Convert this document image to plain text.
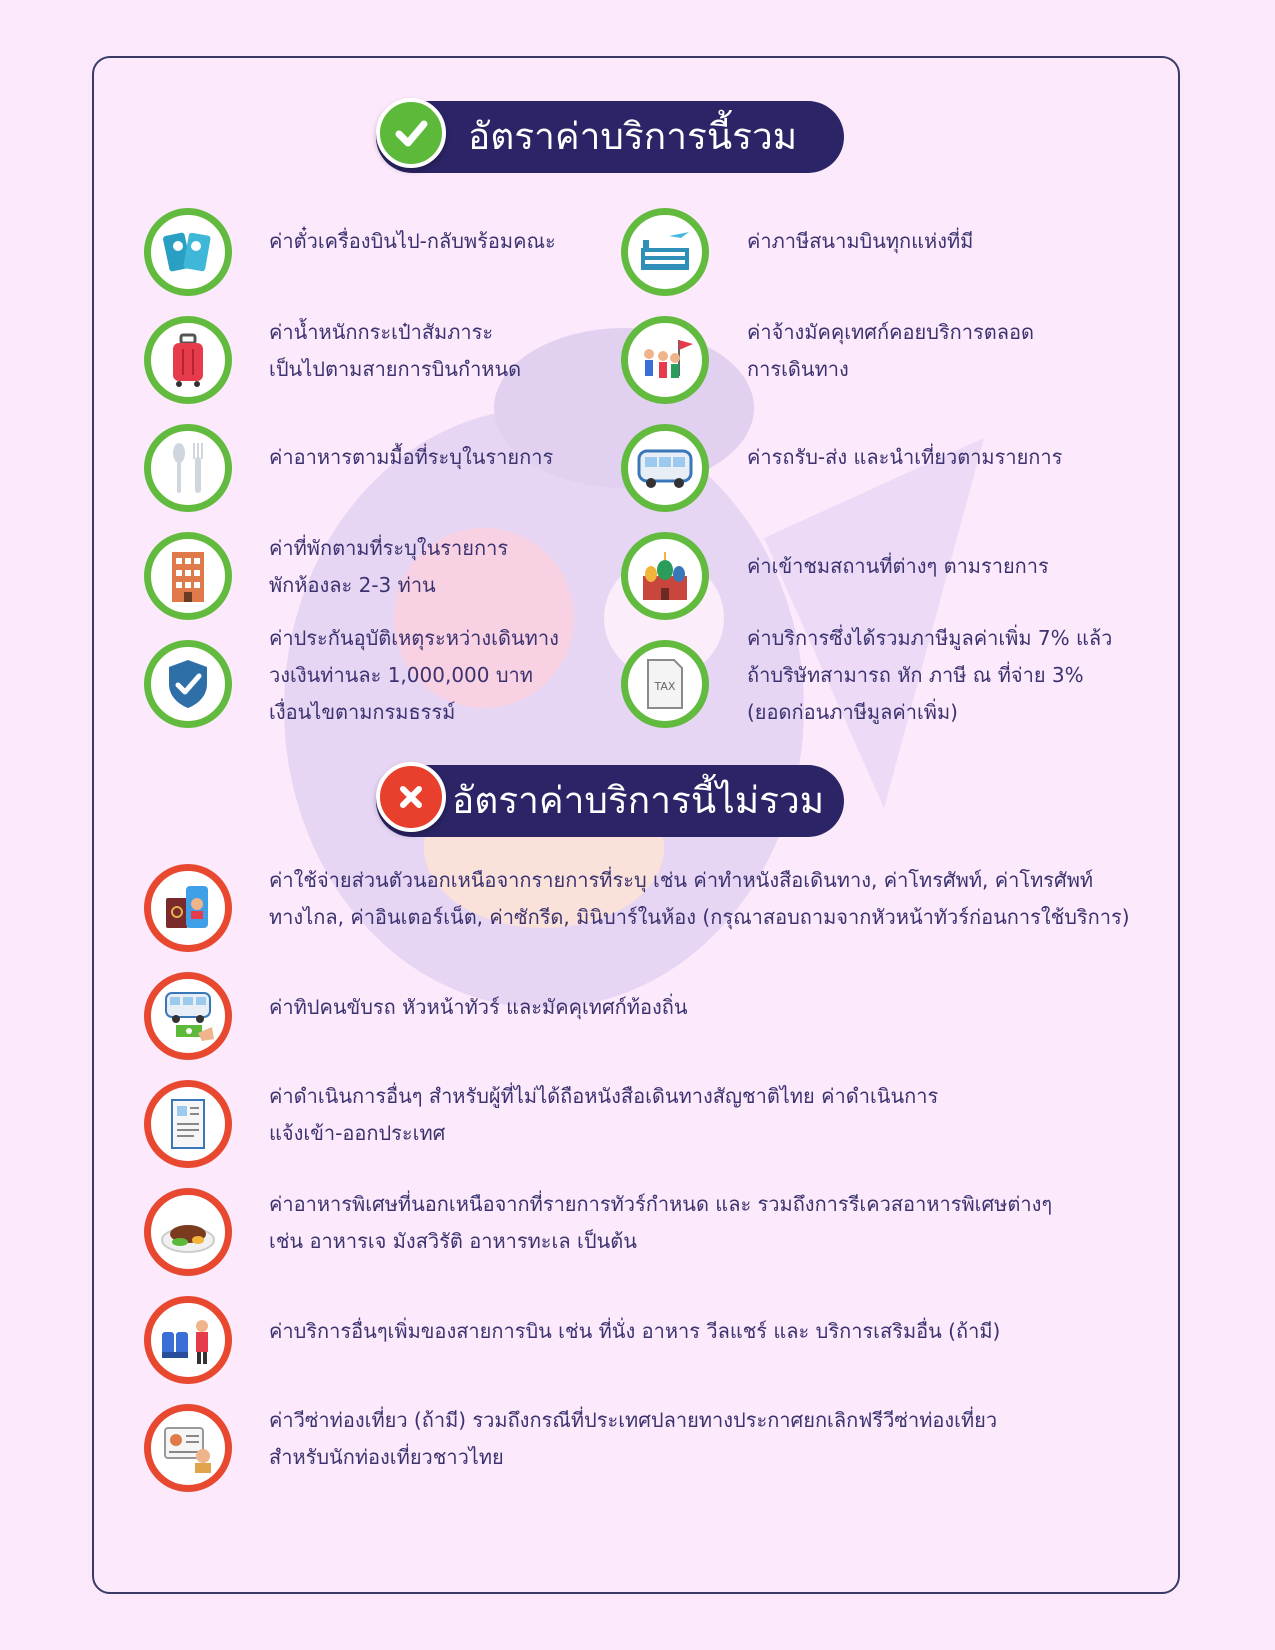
อัตราค่าบริการนี้รวม
ค่าตั๋วเครื่องบินไป-กลับพร้อมคณะ	ค่าภาษีสนามบินทุกแห่งที่มี
ค่าน้ำหนักกระเป๋าสัมภาระ
เป็นไปตามสายการบินกำหนด
ค่าจ้างมัคคุเทศก์คอยบริการตลอด
การเดินทาง
ค่าอาหารตามมื้อที่ระบุในรายการ	ค่ารถรับ-ส่ง และนำเที่ยวตามรายการ
ค่าที่พักตามที่ระบุในรายการ
พักห้องละ 2-3 ท่าน
ค่าเข้าชมสถานที่ต่างๆ ตามรายการ
ค่าประกันอุบัติเหตุระหว่างเดินทาง
วงเงินท่านละ 1,000,000 บาท
เงื่อนไขตามกรมธรรม์
TAX
ค่าบริการซึ่งได้รวมภาษีมูลค่าเพิ่ม 7% แล้ว
ถ้าบริษัทสามารถ หัก ภาษี ณ ที่จ่าย 3%
(ยอดก่อนภาษีมูลค่าเพิ่ม)
อัตราค่าบริการนี้ไม่รวม
ค่าใช้จ่ายส่วนตัวนอกเหนือจากรายการที่ระบุ เช่น ค่าทำหนังสือเดินทาง, ค่าโทรศัพท์, ค่าโทรศัพท์
ทางไกล, ค่าอินเตอร์เน็ต, ค่าซักรีด, มินิบาร์ในห้อง (กรุณาสอบถามจากหัวหน้าทัวร์ก่อนการใช้บริการ)
ค่าทิปคนขับรถ หัวหน้าทัวร์ และมัคคุเทศก์ท้องถิ่น
ค่าดำเนินการอื่นๆ สำหรับผู้ที่ไม่ได้ถือหนังสือเดินทางสัญชาติไทย ค่าดำเนินการ
แจ้งเข้า-ออกประเทศ
ค่าอาหารพิเศษที่นอกเหนือจากที่รายการทัวร์กำหนด และ รวมถึงการรีเควสอาหารพิเศษต่างๆ
เช่น อาหารเจ มังสวิรัติ อาหารทะเล เป็นต้น
ค่าบริการอื่นๆเพิ่มของสายการบิน เช่น ที่นั่ง อาหาร วีลแชร์ และ บริการเสริมอื่น (ถ้ามี)
ค่าวีซ่าท่องเที่ยว (ถ้ามี) รวมถึงกรณีที่ประเทศปลายทางประกาศยกเลิกฟรีวีซ่าท่องเที่ยว
สำหรับนักท่องเที่ยวชาวไทย
